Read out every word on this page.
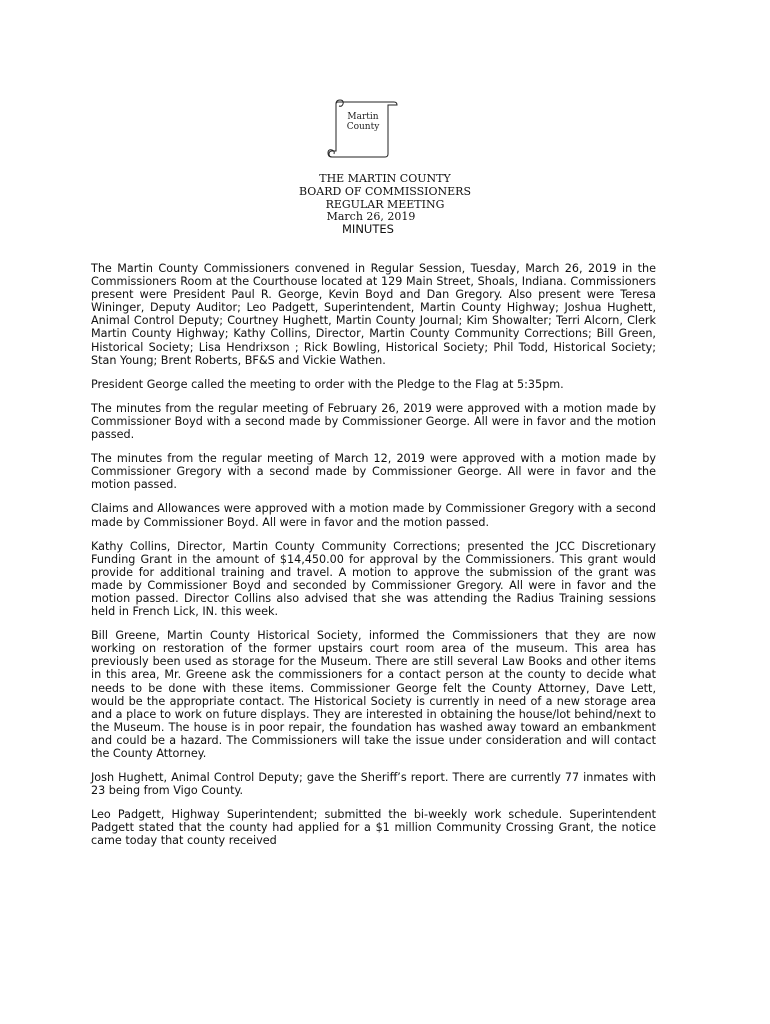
Martin
County
THE MARTIN COUNTY
BOARD OF COMMISSIONERS
REGULAR MEETING
March 26, 2019
MINUTES

The Martin County Commissioners convened in Regular Session, Tuesday, March 26, 2019 in the Commissioners Room at the Courthouse located at 129 Main Street, Shoals, Indiana. Commissioners present were President Paul R. George, Kevin Boyd and Dan Gregory. Also present were Teresa Wininger, Deputy Auditor; Leo Padgett, Superintendent, Martin County Highway; Joshua Hughett, Animal Control Deputy; Courtney Hughett, Martin County Journal; Kim Showalter; Terri Alcorn, Clerk Martin County Highway; Kathy Collins, Director, Martin County Community Corrections; Bill Green, Historical Society; Lisa Hendrixson ; Rick Bowling, Historical Society; Phil Todd, Historical Society; Stan Young; Brent Roberts, BF&S and Vickie Wathen.

President George called the meeting to order with the Pledge to the Flag at 5:35pm.

The minutes from the regular meeting of February 26, 2019 were approved with a motion made by Commissioner Boyd with a second made by Commissioner George. All were in favor and the motion passed.

The minutes from the regular meeting of March 12, 2019 were approved with a motion made by Commissioner Gregory with a second made by Commissioner George. All were in favor and the motion passed.

Claims and Allowances were approved with a motion made by Commissioner Gregory with a second made by Commissioner Boyd. All were in favor and the motion passed.

Kathy Collins, Director, Martin County Community Corrections; presented the JCC Discretionary Funding Grant in the amount of $14,450.00 for approval by the Commissioners. This grant would provide for additional training and travel. A motion to approve the submission of the grant was made by Commissioner Boyd and seconded by Commissioner Gregory. All were in favor and the motion passed. Director Collins also advised that she was attending the Radius Training sessions held in French Lick, IN. this week.

Bill Greene, Martin County Historical Society, informed the Commissioners that they are now working on restoration of the former upstairs court room area of the museum. This area has previously been used as storage for the Museum. There are still several Law Books and other items in this area, Mr. Greene ask the commissioners for a contact person at the county to decide what needs to be done with these items. Commissioner George felt the County Attorney, Dave Lett, would be the appropriate contact. The Historical Society is currently in need of a new storage area and a place to work on future displays. They are interested in obtaining the house/lot behind/next to the Museum. The house is in poor repair, the foundation has washed away toward an embankment and could be a hazard. The Commissioners will take the issue under consideration and will contact the County Attorney.

Josh Hughett, Animal Control Deputy; gave the Sheriff’s report. There are currently 77 inmates with 23 being from Vigo County.

Leo Padgett, Highway Superintendent; submitted the bi-weekly work schedule. Superintendent Padgett stated that the county had applied for a $1 million Community Crossing Grant, the notice came today that county received
